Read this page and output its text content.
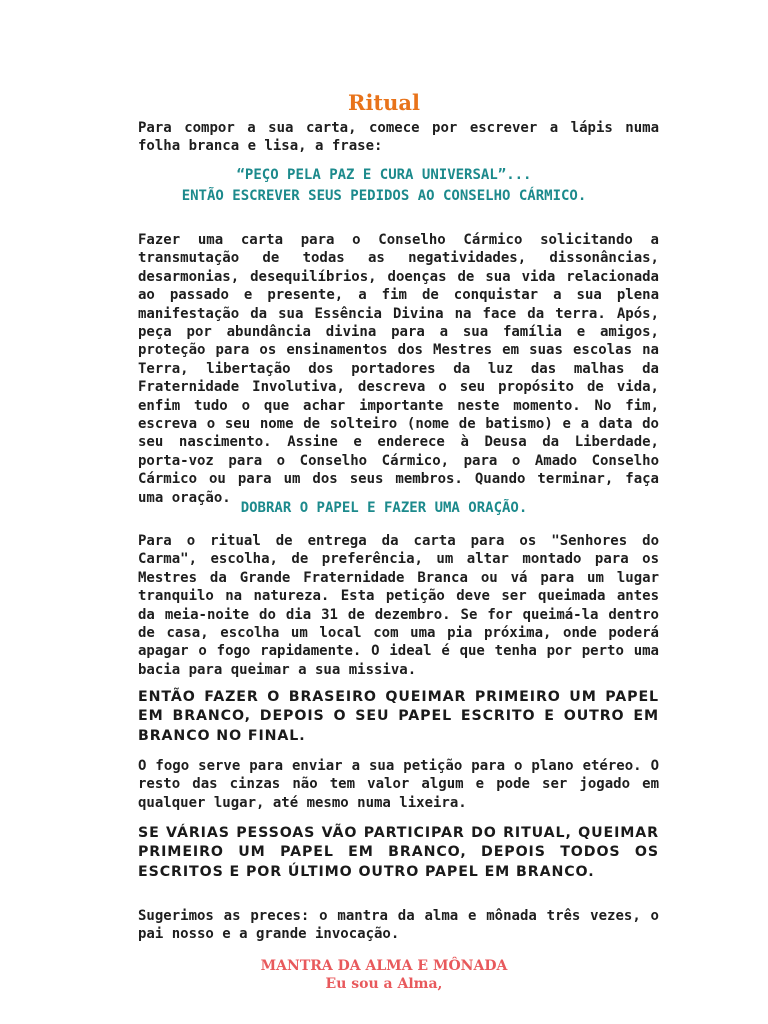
Ritual

Para compor a sua carta, comece por escrever a lápis numa folha branca e lisa, a frase:

“PEÇO PELA PAZ E CURA UNIVERSAL”...

ENTÃO ESCREVER SEUS PEDIDOS AO CONSELHO CÁRMICO.

Fazer uma carta para o Conselho Cármico solicitando a transmutação de todas as negatividades, dissonâncias, desarmonias, desequilíbrios, doenças de sua vida relacionada ao passado e presente, a fim de conquistar a sua plena manifestação da sua Essência Divina na face da terra. Após, peça por abundância divina para a sua família e amigos, proteção para os ensinamentos dos Mestres em suas escolas na Terra, libertação dos portadores da luz das malhas da Fraternidade Involutiva, descreva o seu propósito de vida, enfim tudo o que achar importante neste momento. No fim, escreva o seu nome de solteiro (nome de batismo) e a data do seu nascimento. Assine e enderece à Deusa da Liberdade, porta-voz para o Conselho Cármico, para o Amado Conselho Cármico ou para um dos seus membros. Quando terminar, faça uma oração.

DOBRAR O PAPEL E FAZER UMA ORAÇÃO.

Para o ritual de entrega da carta para os "Senhores do Carma", escolha, de preferência, um altar montado para os Mestres da Grande Fraternidade Branca ou vá para um lugar tranquilo na natureza. Esta petição deve ser queimada antes da meia-noite do dia 31 de dezembro. Se for queimá-la dentro de casa, escolha um local com uma pia próxima, onde poderá apagar o fogo rapidamente. O ideal é que tenha por perto uma bacia para queimar a sua missiva.

ENTÃO FAZER O BRASEIRO QUEIMAR PRIMEIRO UM PAPEL EM BRANCO, DEPOIS O SEU PAPEL ESCRITO E OUTRO EM BRANCO NO FINAL.

O fogo serve para enviar a sua petição para o plano etéreo. O resto das cinzas não tem valor algum e pode ser jogado em qualquer lugar, até mesmo numa lixeira.

SE VÁRIAS PESSOAS VÃO PARTICIPAR DO RITUAL, QUEIMAR PRIMEIRO UM PAPEL EM BRANCO, DEPOIS TODOS OS ESCRITOS E POR ÚLTIMO OUTRO PAPEL EM BRANCO.

Sugerimos as preces: o mantra da alma e mônada três vezes, o pai nosso e a grande invocação.

MANTRA DA ALMA E MÔNADA

Eu sou a Alma,
